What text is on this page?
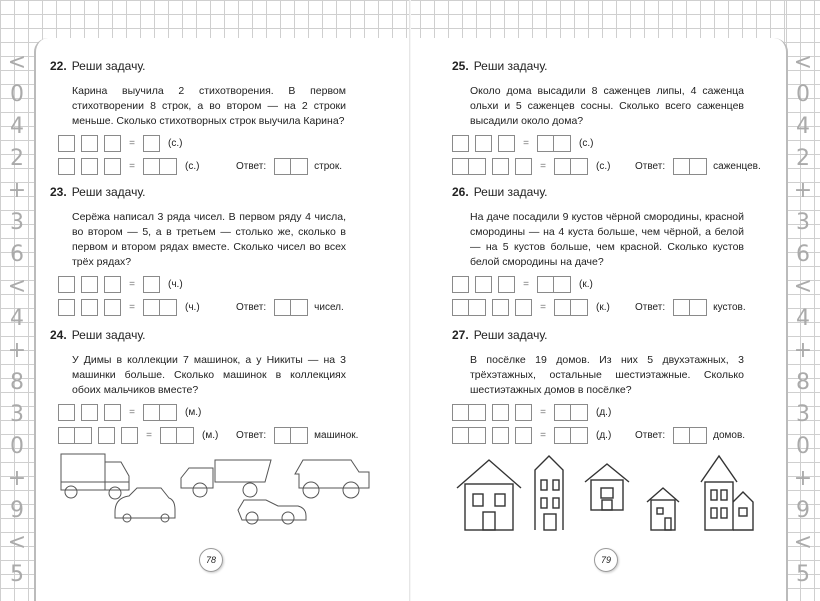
<
0
4
2
+
3
6
<
4
+
8
3
0
+
9
<
5
<
0
4
2
+
3
6
<
4
+
8
3
0
+
9
<
5
78	79
22. Реши задачу.
Карина выучила 2 стихотворения. В первом стихотворении 8 строк, а во втором — на 2 строки меньше. Сколько стихотворных строк выучила Карина?
=	(с.)
=	(с.)	Ответ:	строк.
23. Реши задачу.
Серёжа написал 3 ряда чисел. В первом ряду 4 числа, во втором — 5, а в третьем — столько же, сколько в первом и втором рядах вместе. Сколько чисел во всех трёх рядах?
=	(ч.)
=	(ч.)	Ответ:	чисел.
24. Реши задачу.
У Димы в коллекции 7 машинок, а у Никиты — на 3 машинки больше. Сколько машинок в коллекциях обоих мальчиков вместе?
=	(м.)
=	(м.) Ответ:	машинок.
25. Реши задачу.
Около дома высадили 8 саженцев липы, 4 саженца ольхи и 5 саженцев сосны. Сколько всего саженцев высадили около дома?
=	(с.)
=	(с.) Ответ:	саженцев.
26. Реши задачу.
На даче посадили 9 кустов чёрной смородины, красной смородины — на 4 куста больше, чем чёрной, а белой — на 5 кустов больше, чем красной. Сколько кустов белой смородины на даче?
=	(к.)
=	(к.)	Ответ:	кустов.
27. Реши задачу.
В посёлке 19 домов. Из них 5 двухэтажных, 3 трёхэтажных, остальные шестиэтажные. Сколько шестиэтажных домов в посёлке?
=	(д.)
=	(д.) Ответ:	домов.
